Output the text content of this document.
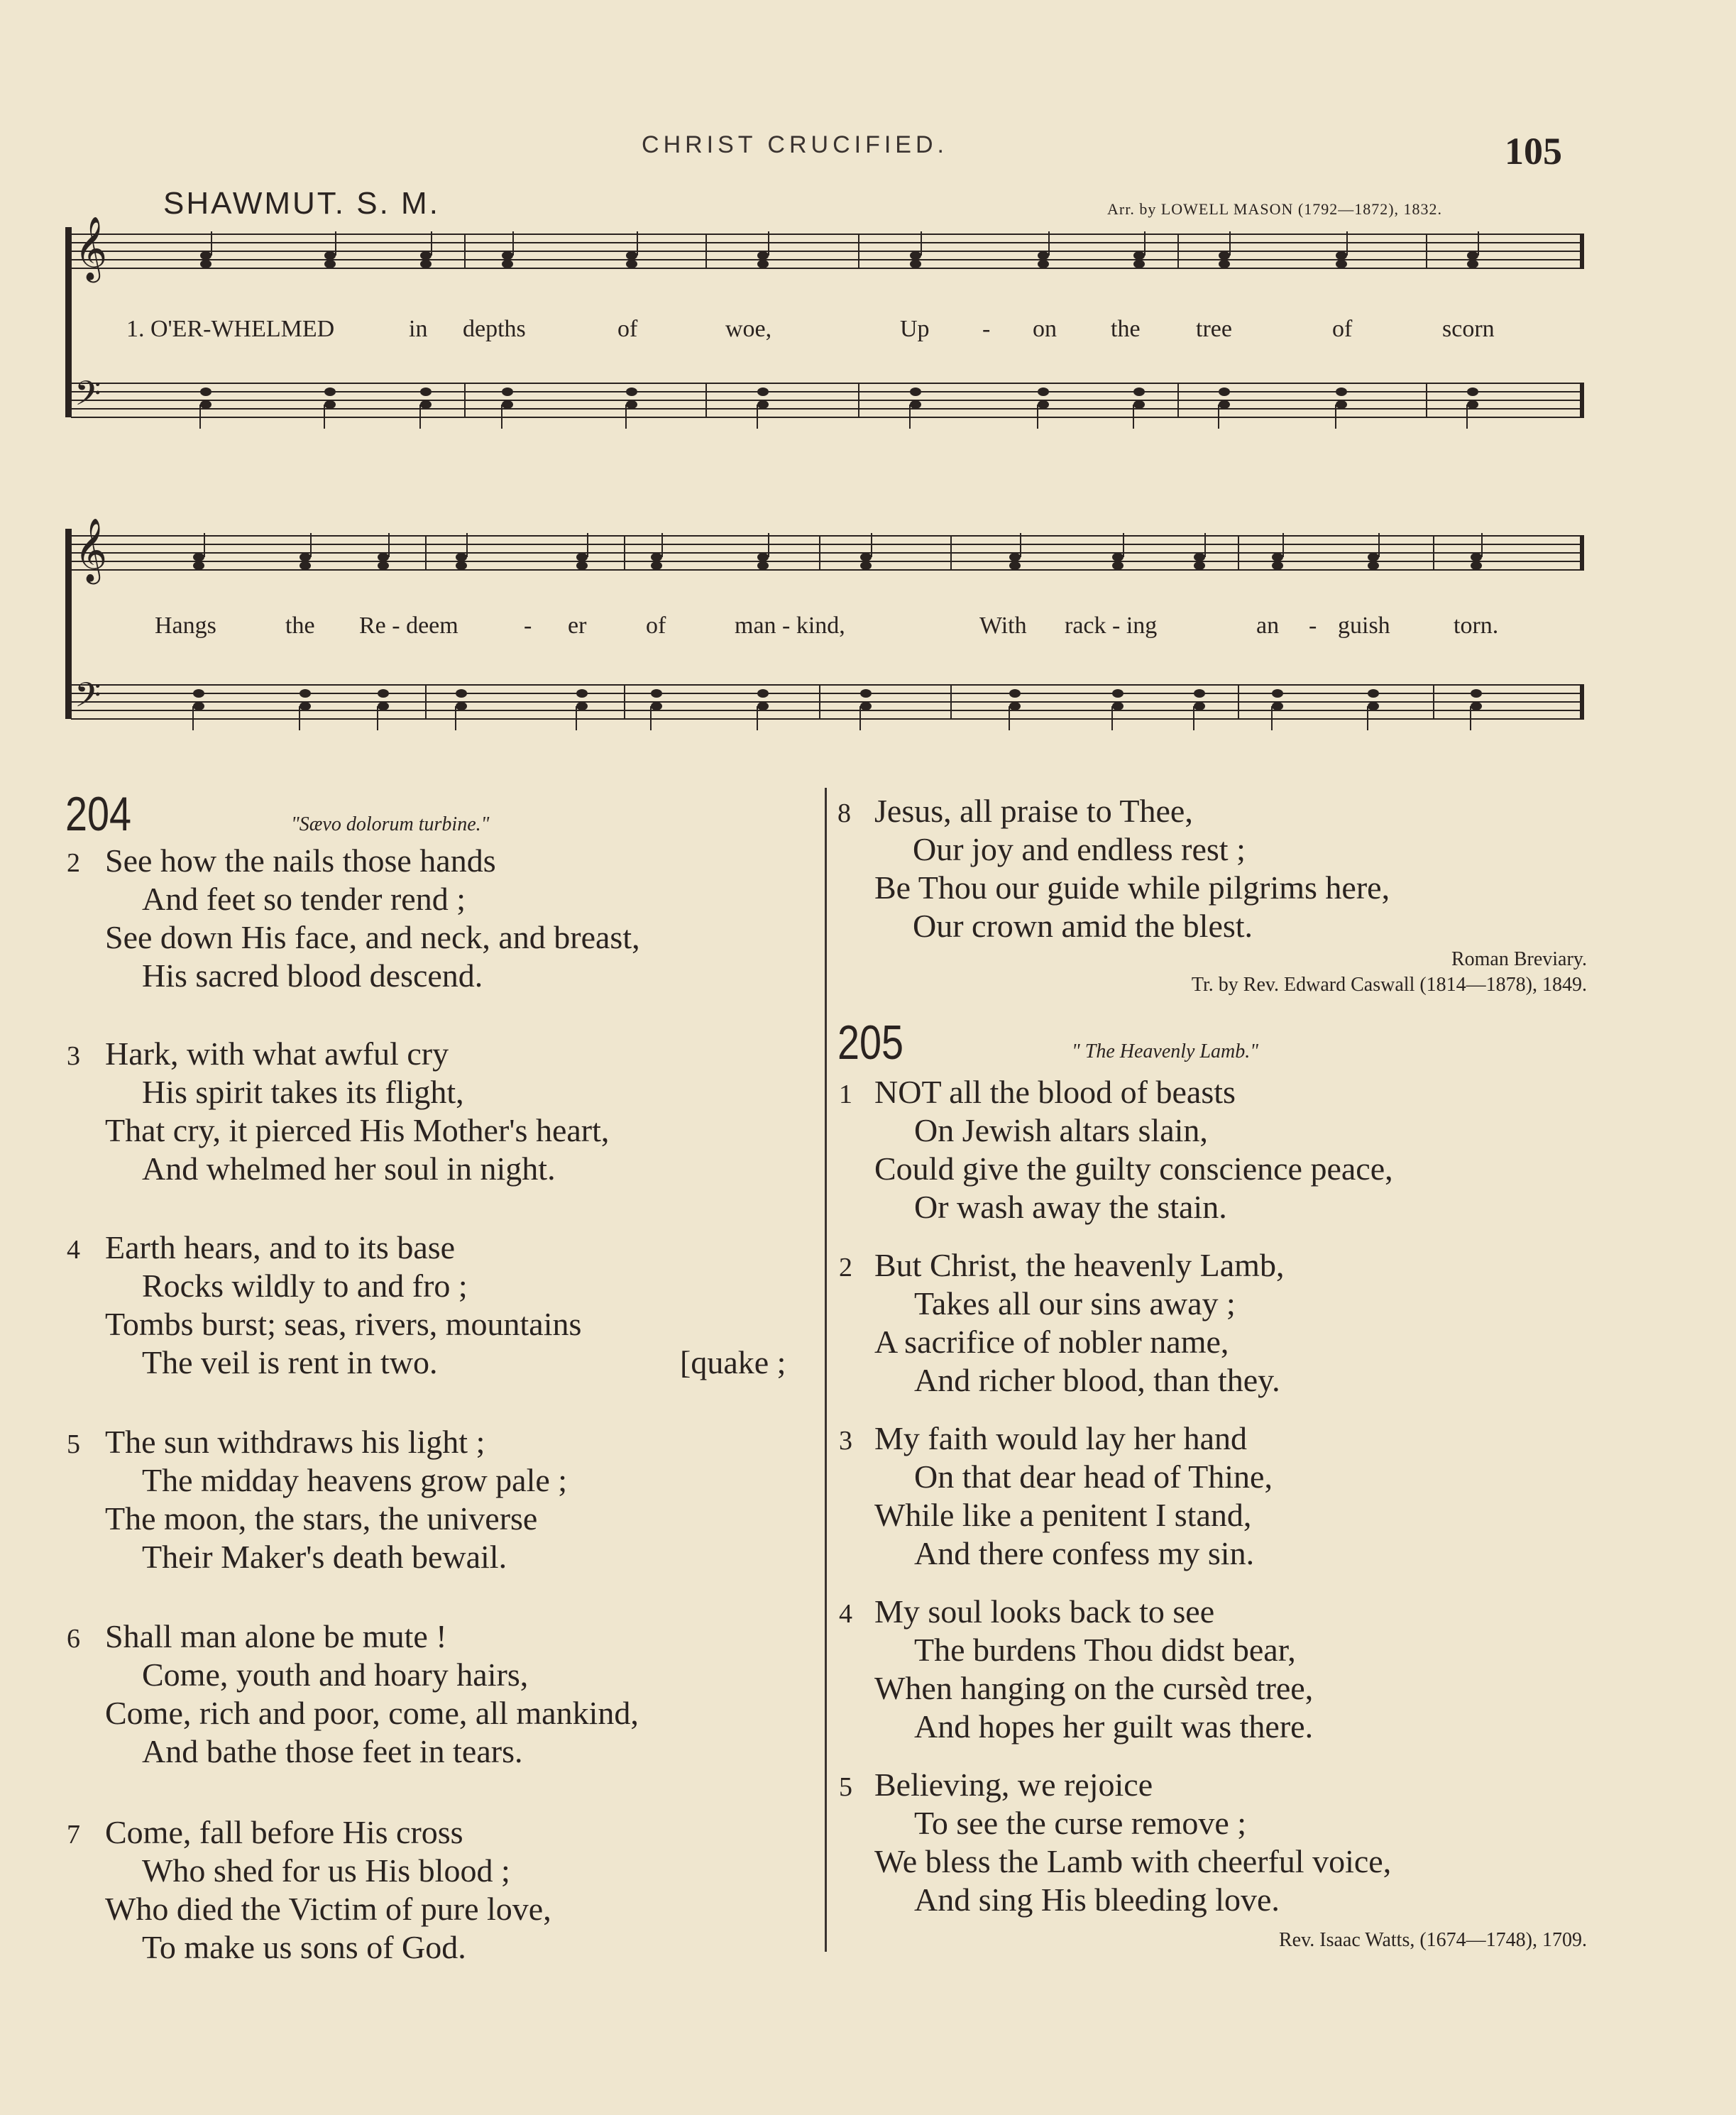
CHRIST CRUCIFIED.	105
SHAWMUT. S. M.	Arr. by LOWELL MASON (1792—1872), 1832.
𝄞
𝄢
𝄞
𝄢
1. O'ER-WHELMED	in depths	of	woe,	Up - on the tree	of	scorn
Hangs	the Re - deem	- er of	man - kind,	With rack - ing	an - guish	torn.
204	"Sævo dolorum turbine."
2 See how the nails those hands
And feet so tender rend ;
See down His face, and neck, and breast,
His sacred blood descend.
3 Hark, with what awful cry
His spirit takes its flight,
That cry, it pierced His Mother's heart,
And whelmed her soul in night.
4 Earth hears, and to its base
Rocks wildly to and fro ;
Tombs burst; seas, rivers, mountains
The veil is rent in two.	[quake ;
5 The sun withdraws his light ;
The midday heavens grow pale ;
The moon, the stars, the universe
Their Maker's death bewail.
6 Shall man alone be mute !
Come, youth and hoary hairs,
Come, rich and poor, come, all mankind,
And bathe those feet in tears.
7 Come, fall before His cross
Who shed for us His blood ;
Who died the Victim of pure love,
To make us sons of God.
8 Jesus, all praise to Thee,
Our joy and endless rest ;
Be Thou our guide while pilgrims here,
Our crown amid the blest.
Roman Breviary.
Tr. by Rev. Edward Caswall (1814—1878), 1849.
205	" The Heavenly Lamb."
1 NOT all the blood of beasts
On Jewish altars slain,
Could give the guilty conscience peace,
Or wash away the stain.
2 But Christ, the heavenly Lamb,
Takes all our sins away ;
A sacrifice of nobler name,
And richer blood, than they.
3 My faith would lay her hand
On that dear head of Thine,
While like a penitent I stand,
And there confess my sin.
4 My soul looks back to see
The burdens Thou didst bear,
When hanging on the cursèd tree,
And hopes her guilt was there.
5 Believing, we rejoice
To see the curse remove ;
We bless the Lamb with cheerful voice,
And sing His bleeding love.
Rev. Isaac Watts, (1674—1748), 1709.
